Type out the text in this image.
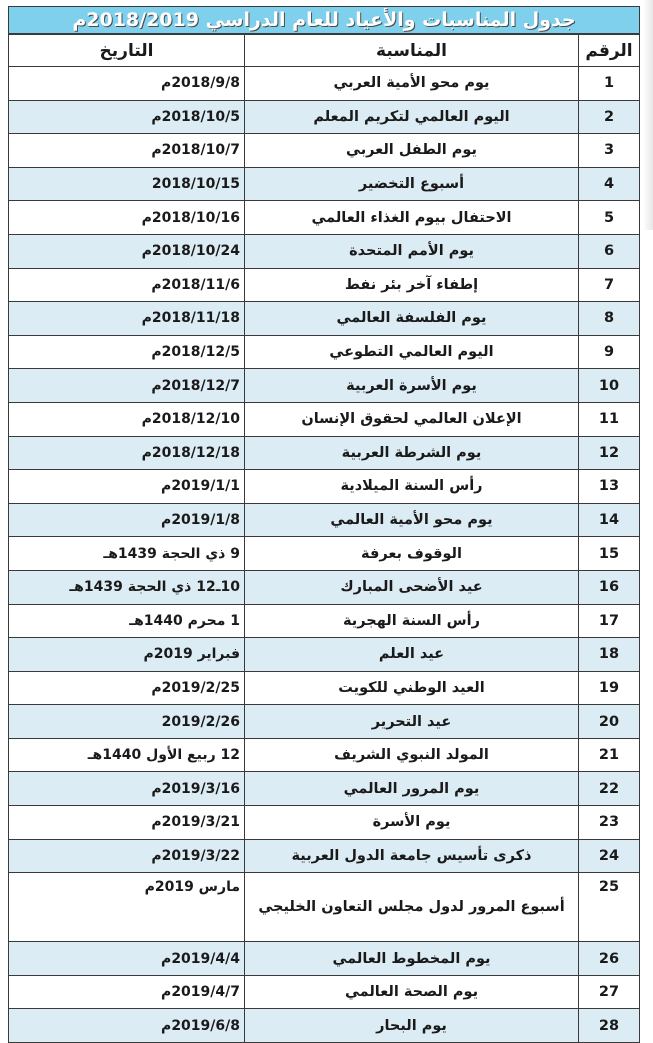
جدول المناسبات والأعياد للعام الدراسي 2018/2019م
الرقم	المناسبة	التاريخ
1	يوم محو الأمية العربي	2018/9/8م
2	اليوم العالمي لتكريم المعلم	2018/10/5م
3	يوم الطفل العربي	2018/10/7م
4	أسبوع التخضير	2018/10/15
5	الاحتفال بيوم الغذاء العالمي	2018/10/16م
6	يوم الأمم المتحدة	2018/10/24م
7	إطفاء آخر بئر نفط	2018/11/6م
8	يوم الفلسفة العالمي	2018/11/18م
9	اليوم العالمي التطوعي	2018/12/5م
10	يوم الأسرة العربية	2018/12/7م
11	الإعلان العالمي لحقوق الإنسان	2018/12/10م
12	يوم الشرطة العربية	2018/12/18م
13	رأس السنة الميلادية	2019/1/1م
14	يوم محو الأمية العالمي	2019/1/8م
15	الوقوف بعرفة	9 ذي الحجة 1439هـ
16	عيد الأضحى المبارك	10ـ12 ذي الحجة 1439هـ
17	رأس السنة الهجرية	1 محرم 1440هـ
18	عيد العلم	فبراير 2019م
19	العيد الوطني للكويت	2019/2/25م
20	عيد التحرير	2019/2/26
21	المولد النبوي الشريف	12 ربيع الأول 1440هـ
22	يوم المرور العالمي	2019/3/16م
23	يوم الأسرة	2019/3/21م
24	ذكرى تأسيس جامعة الدول العربية	2019/3/22م
25	أسبوع المرور لدول مجلس التعاون الخليجي	مارس 2019م
26	يوم المخطوط العالمي	2019/4/4م
27	يوم الصحة العالمي	2019/4/7م
28	يوم البحار	2019/6/8م
